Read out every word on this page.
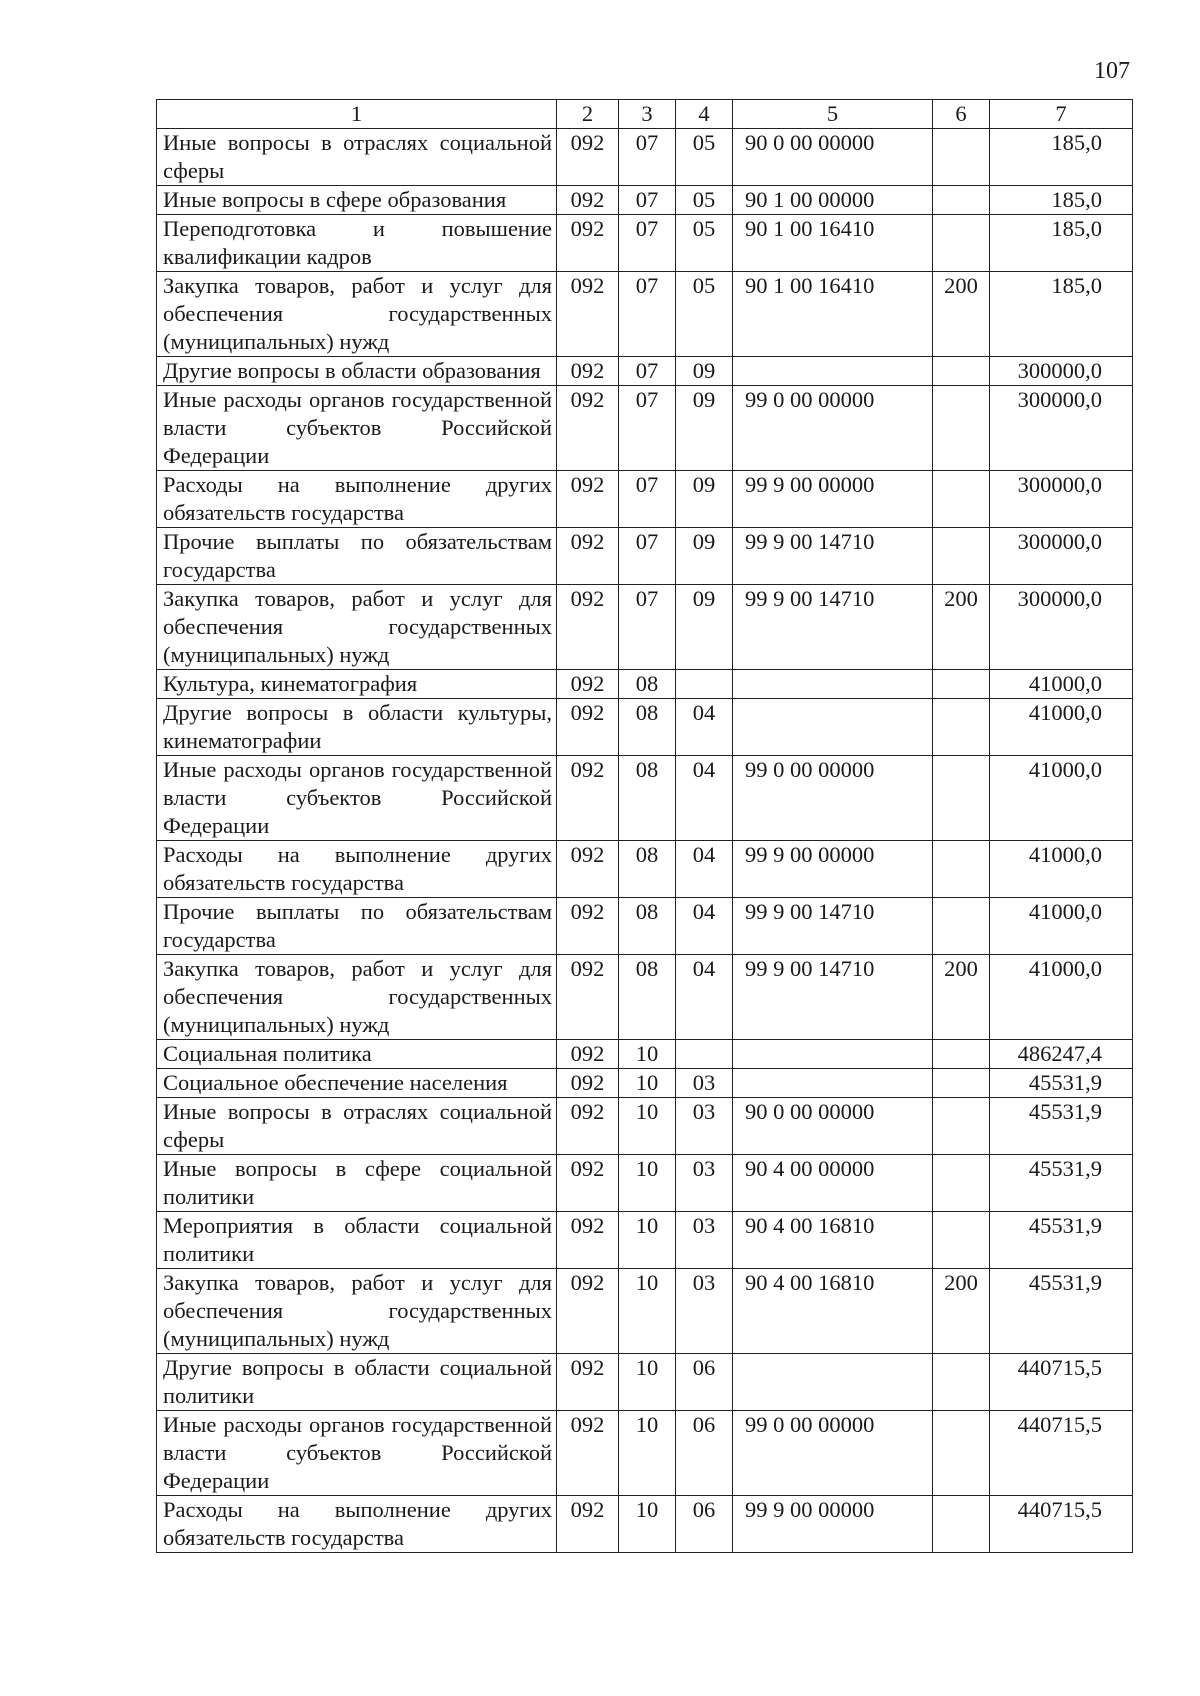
107
1	2	3	4	5	6	7
Иные вопросы в отраслях социальной сферы	092	07	05	90 0 00 00000		185,0
Иные вопросы в сфере образования	092	07	05	90 1 00 00000		185,0
Переподготовка и повышение квалификации кадров	092	07	05	90 1 00 16410		185,0
Закупка товаров, работ и услуг для обеспечения государственных (муниципальных) нужд	092	07	05	90 1 00 16410	200	185,0
Другие вопросы в области образования	092	07	09			300000,0
Иные расходы органов государственной власти субъектов Российской Федерации	092	07	09	99 0 00 00000		300000,0
Расходы на выполнение других обязательств государства	092	07	09	99 9 00 00000		300000,0
Прочие выплаты по обязательствам государства	092	07	09	99 9 00 14710		300000,0
Закупка товаров, работ и услуг для обеспечения государственных (муниципальных) нужд	092	07	09	99 9 00 14710	200	300000,0
Культура, кинематография	092	08				41000,0
Другие вопросы в области культуры, кинематографии	092	08	04			41000,0
Иные расходы органов государственной власти субъектов Российской Федерации	092	08	04	99 0 00 00000		41000,0
Расходы на выполнение других обязательств государства	092	08	04	99 9 00 00000		41000,0
Прочие выплаты по обязательствам государства	092	08	04	99 9 00 14710		41000,0
Закупка товаров, работ и услуг для обеспечения государственных (муниципальных) нужд	092	08	04	99 9 00 14710	200	41000,0
Социальная политика	092	10				486247,4
Социальное обеспечение населения	092	10	03			45531,9
Иные вопросы в отраслях социальной сферы	092	10	03	90 0 00 00000		45531,9
Иные вопросы в сфере социальной политики	092	10	03	90 4 00 00000		45531,9
Мероприятия в области социальной политики	092	10	03	90 4 00 16810		45531,9
Закупка товаров, работ и услуг для обеспечения государственных (муниципальных) нужд	092	10	03	90 4 00 16810	200	45531,9
Другие вопросы в области социальной политики	092	10	06			440715,5
Иные расходы органов государственной власти субъектов Российской Федерации	092	10	06	99 0 00 00000		440715,5
Расходы на выполнение других обязательств государства	092	10	06	99 9 00 00000		440715,5
